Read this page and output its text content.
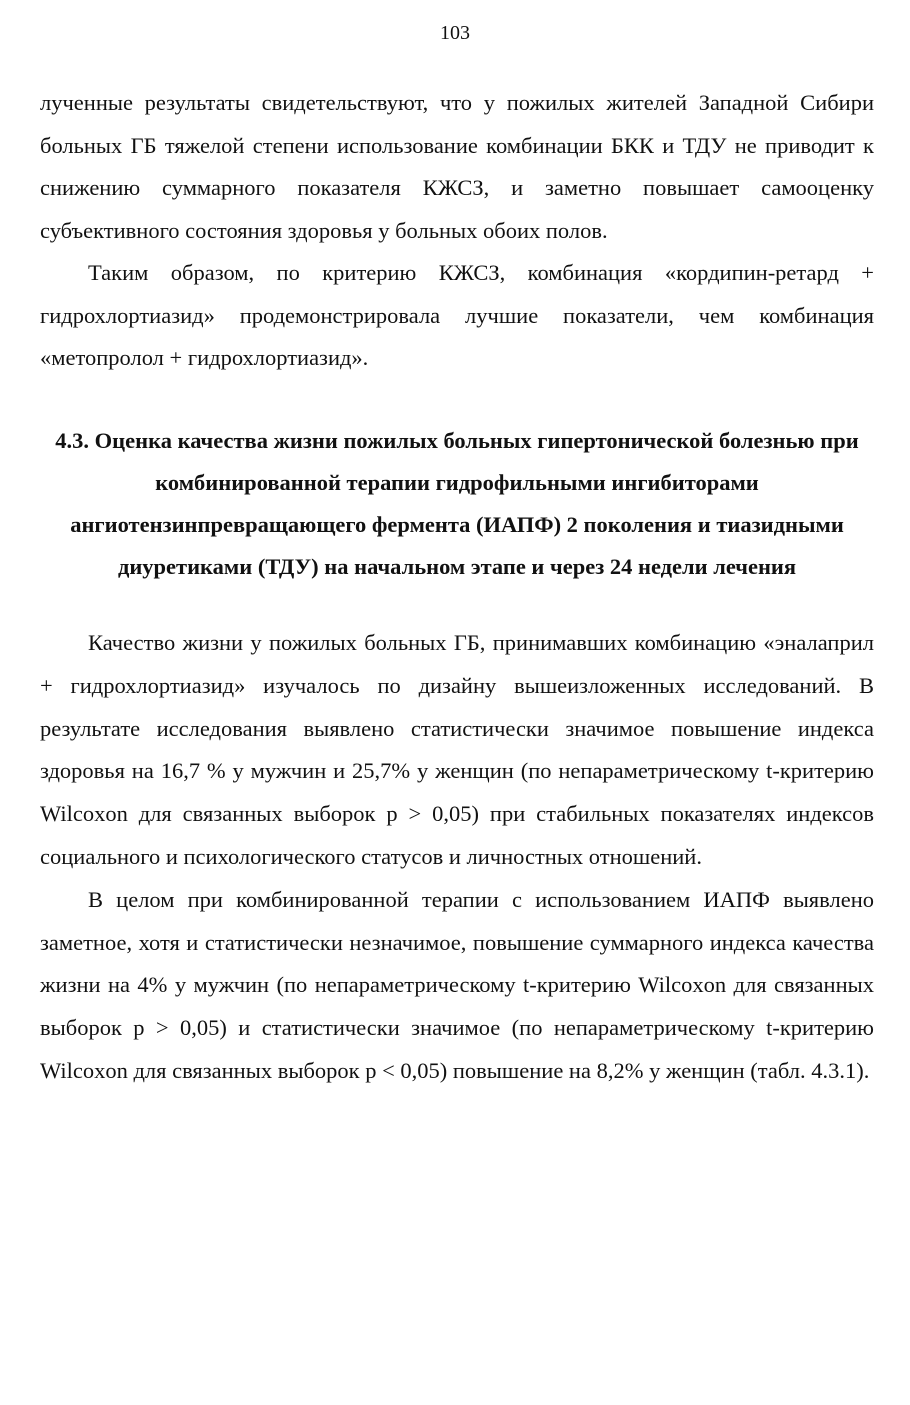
103

лученные результаты свидетельствуют, что у пожилых жителей Западной Сибири больных ГБ тяжелой степени использование комбинации БКК и ТДУ не приводит к снижению суммарного показателя КЖСЗ, и заметно повышает самооценку субъективного состояния здоровья у больных обоих полов.

Таким образом, по критерию КЖСЗ, комбинация «кордипин-ретард + гидрохлортиазид» продемонстрировала лучшие показатели, чем комбинация «метопролол + гидрохлортиазид».

4.3. Оценка качества жизни пожилых больных гипертонической болезнью при комбинированной терапии гидрофильными ингибиторами ангиотензинпревращающего фермента (ИАПФ) 2 поколения и тиазидными диуретиками (ТДУ) на начальном этапе и через 24 недели лечения

Качество жизни у пожилых больных ГБ, принимавших комбинацию «эналаприл + гидрохлортиазид» изучалось по дизайну вышеизложенных исследований. В результате исследования выявлено статистически значимое повышение индекса здоровья на 16,7 % у мужчин и 25,7% у женщин (по непараметрическому t-критерию Wilcoxon для связанных выборок p > 0,05) при стабильных показателях индексов социального и психологического статусов и личностных отношений.

В целом при комбинированной терапии с использованием ИАПФ выявлено заметное, хотя и статистически незначимое, повышение суммарного индекса качества жизни на 4% у мужчин (по непараметрическому t-критерию Wilcoxon для связанных выборок p > 0,05) и статистически значимое (по непараметрическому t-критерию Wilcoxon для связанных выборок p < 0,05) повышение на 8,2% у женщин (табл. 4.3.1).
